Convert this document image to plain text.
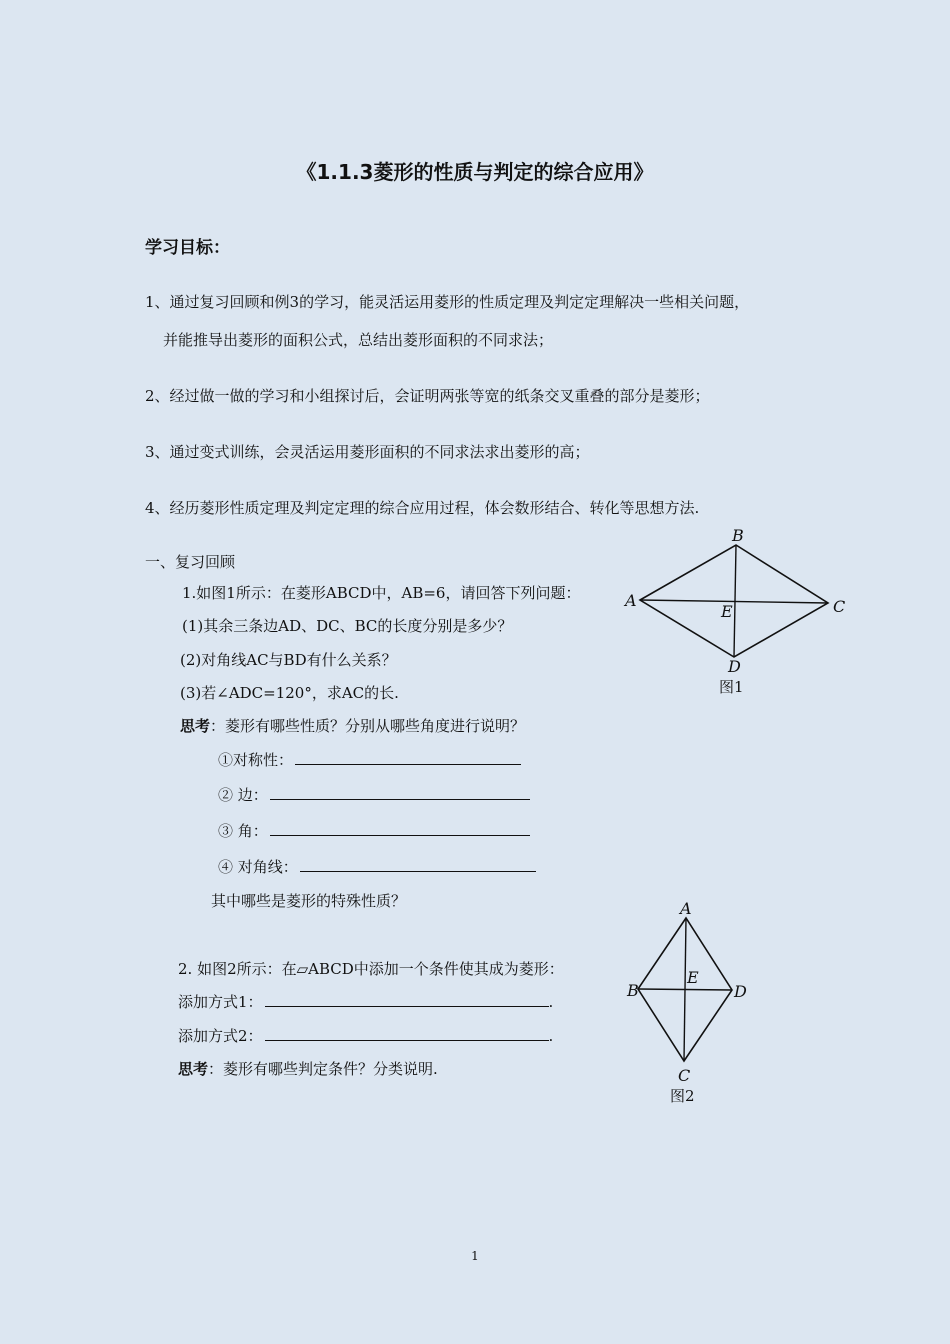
《1.1.3菱形的性质与判定的综合应用》
学习目标：
1、通过复习回顾和例3的学习，能灵活运用菱形的性质定理及判定定理解决一些相关问题，
并能推导出菱形的面积公式，总结出菱形面积的不同求法；
2、经过做一做的学习和小组探讨后，会证明两张等宽的纸条交叉重叠的部分是菱形；
3、通过变式训练，会灵活运用菱形面积的不同求法求出菱形的高；
4、经历菱形性质定理及判定定理的综合应用过程，体会数形结合、转化等思想方法.
一、复习回顾
1.如图1所示：在菱形ABCD中，AB=6，请回答下列问题：
(1)其余三条边AD、DC、BC的长度分别是多少？
(2)对角线AC与BD有什么关系？
(3)若∠ADC=120°，求AC的长.
思考：菱形有哪些性质？分别从哪些角度进行说明？
①对称性：
② 边：
③ 角：
④ 对角线：
其中哪些是菱形的特殊性质？
2. 如图2所示：在▱ABCD中添加一个条件使其成为菱形：
添加方式1：	.
添加方式2：	.
思考：菱形有哪些判定条件？分类说明.
A
B
C
D
E
图1
A
B
C
D
E
图2
1
